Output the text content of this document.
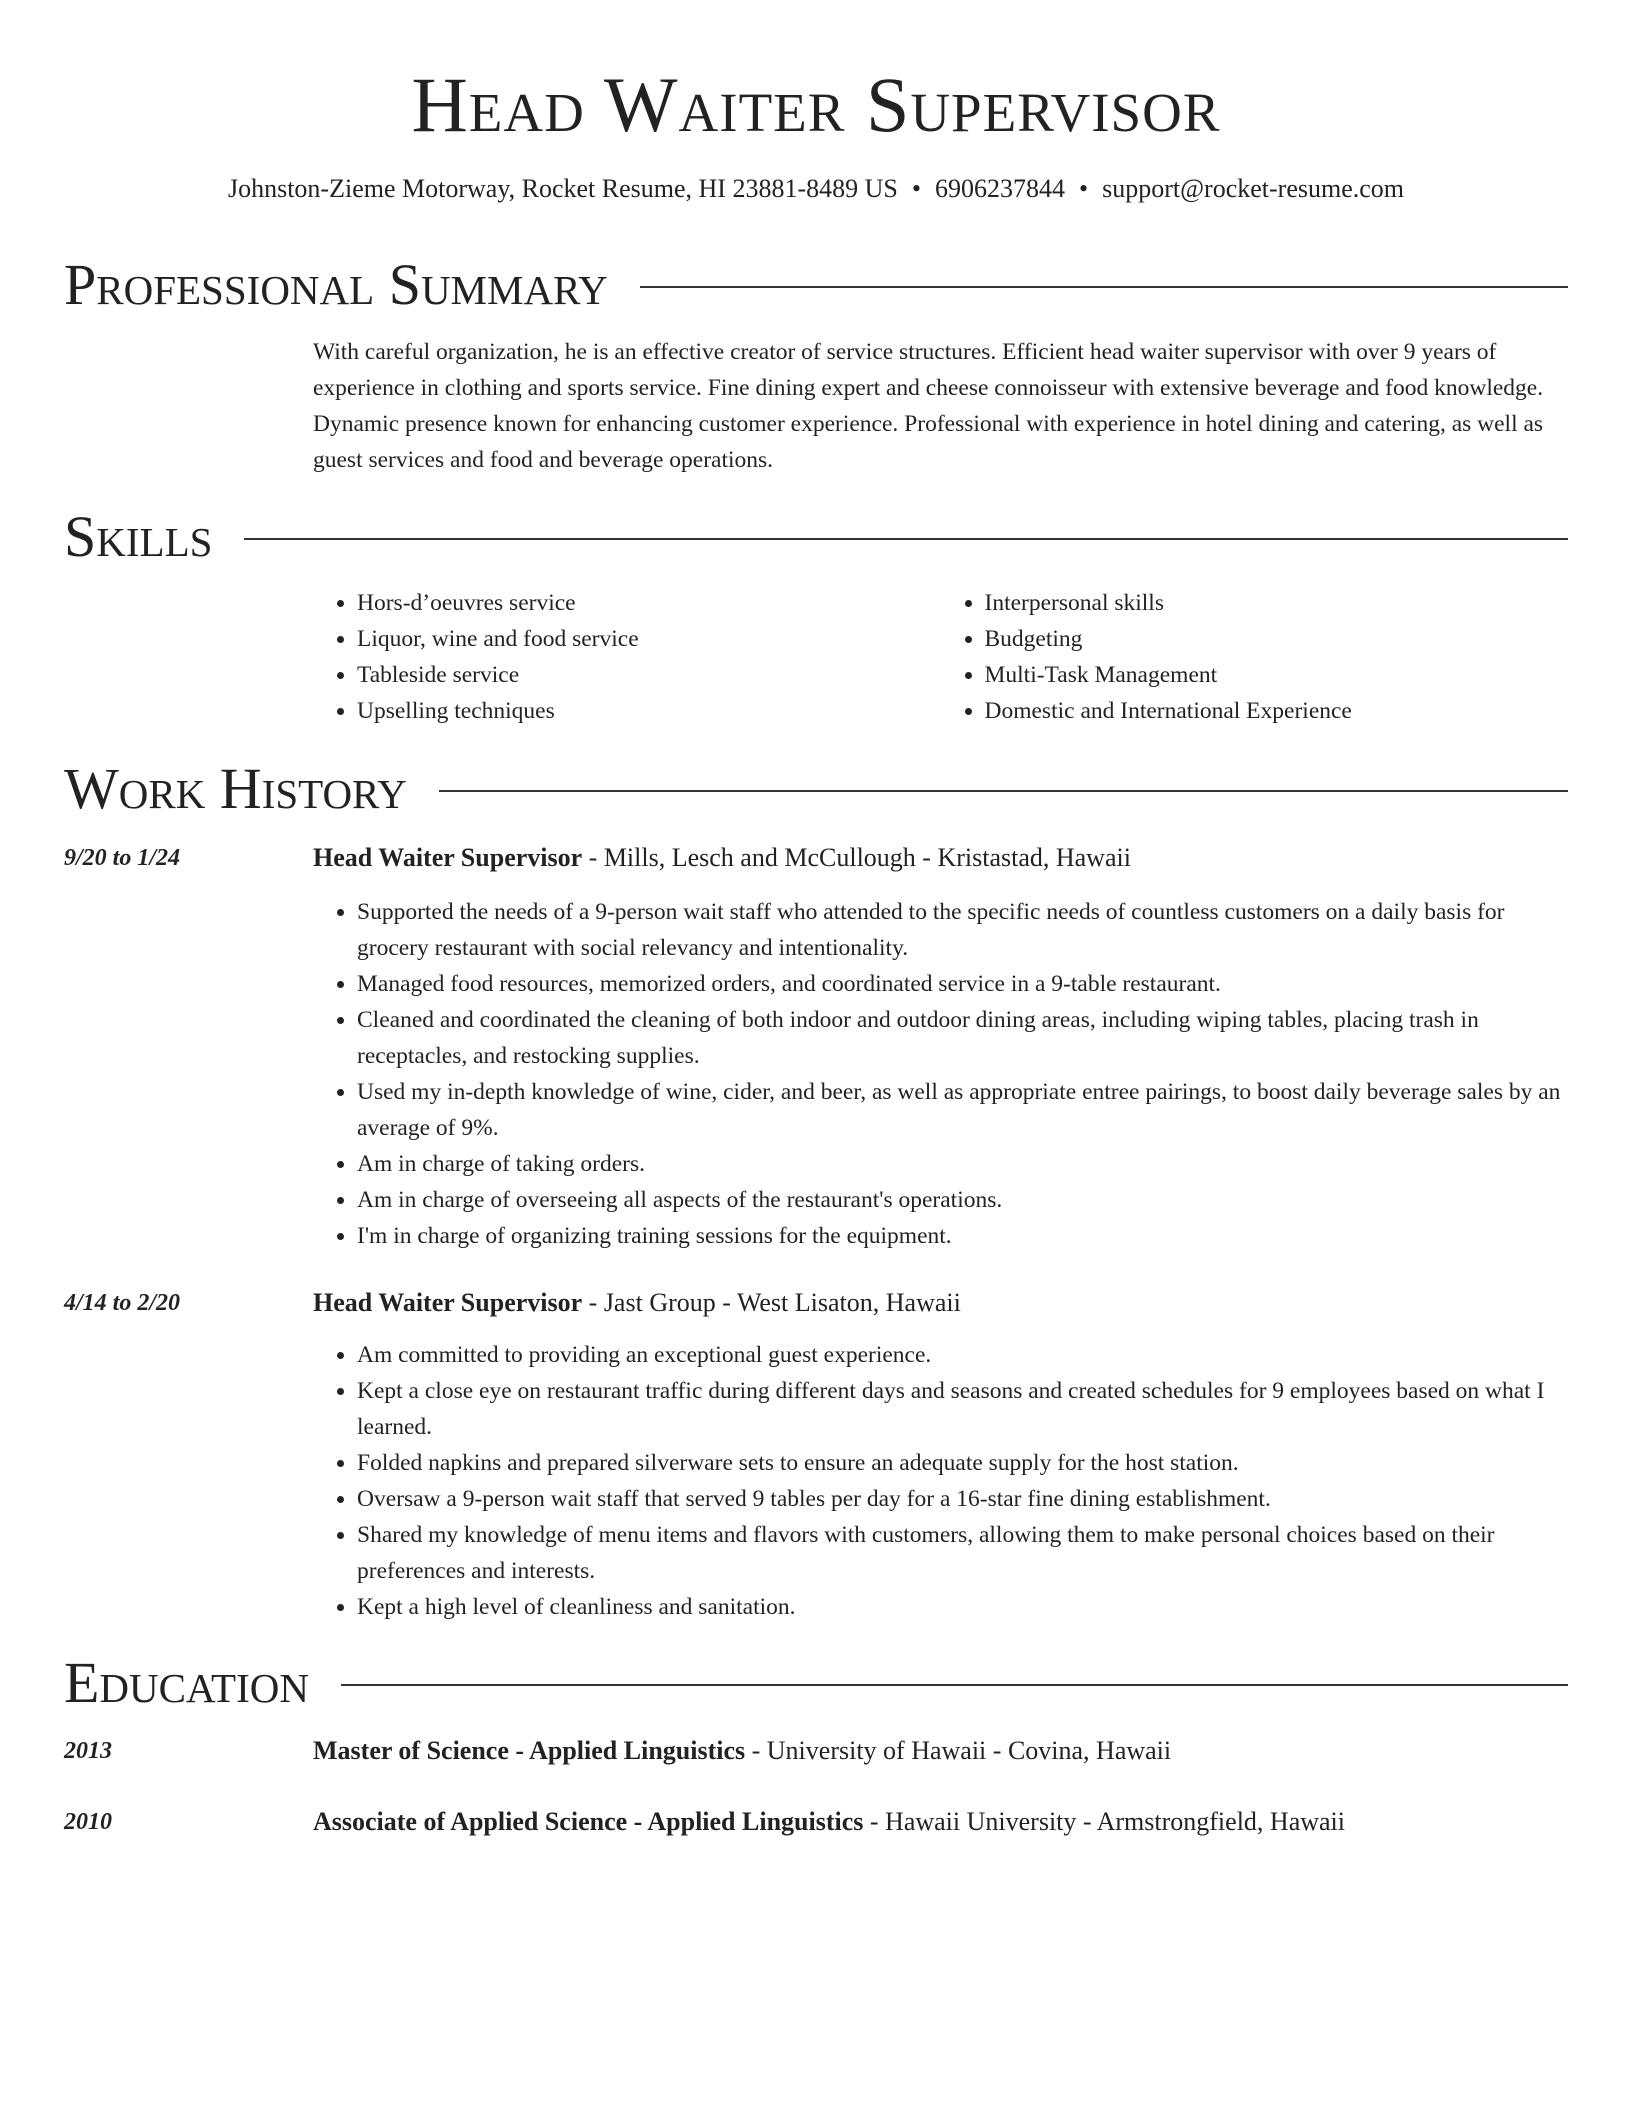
Head Waiter Supervisor
Johnston-Zieme Motorway, Rocket Resume, HI 23881-8489 US • 6906237844 • support@rocket-resume.com
Professional Summary

With careful organization, he is an effective creator of service structures. Efficient head waiter supervisor with over 9 years of experience in clothing and sports service. Fine dining expert and cheese connoisseur with extensive beverage and food knowledge. Dynamic presence known for enhancing customer experience. Professional with experience in hotel dining and catering, as well as guest services and food and beverage operations.

Skills
• Hors-d’oeuvres service
• Liquor, wine and food service
• Tableside service
• Upselling techniques
• Interpersonal skills
• Budgeting
• Multi-Task Management
• Domestic and International Experience
Work History
9/20 to 1/24	Head Waiter Supervisor - Mills, Lesch and McCullough - Kristastad, Hawaii
• Supported the needs of a 9-person wait staff who attended to the specific needs of countless customers on a daily basis for grocery restaurant with social relevancy and intentionality.
• Managed food resources, memorized orders, and coordinated service in a 9-table restaurant.
• Cleaned and coordinated the cleaning of both indoor and outdoor dining areas, including wiping tables, placing trash in receptacles, and restocking supplies.
• Used my in-depth knowledge of wine, cider, and beer, as well as appropriate entree pairings, to boost daily beverage sales by an average of 9%.
• Am in charge of taking orders.
• Am in charge of overseeing all aspects of the restaurant's operations.
• I'm in charge of organizing training sessions for the equipment.
4/14 to 2/20	Head Waiter Supervisor - Jast Group - West Lisaton, Hawaii
• Am committed to providing an exceptional guest experience.
• Kept a close eye on restaurant traffic during different days and seasons and created schedules for 9 employees based on what I learned.
• Folded napkins and prepared silverware sets to ensure an adequate supply for the host station.
• Oversaw a 9-person wait staff that served 9 tables per day for a 16-star fine dining establishment.
• Shared my knowledge of menu items and flavors with customers, allowing them to make personal choices based on their preferences and interests.
• Kept a high level of cleanliness and sanitation.
Education
2013	Master of Science - Applied Linguistics - University of Hawaii - Covina, Hawaii
2010	Associate of Applied Science - Applied Linguistics - Hawaii University - Armstrongfield, Hawaii
